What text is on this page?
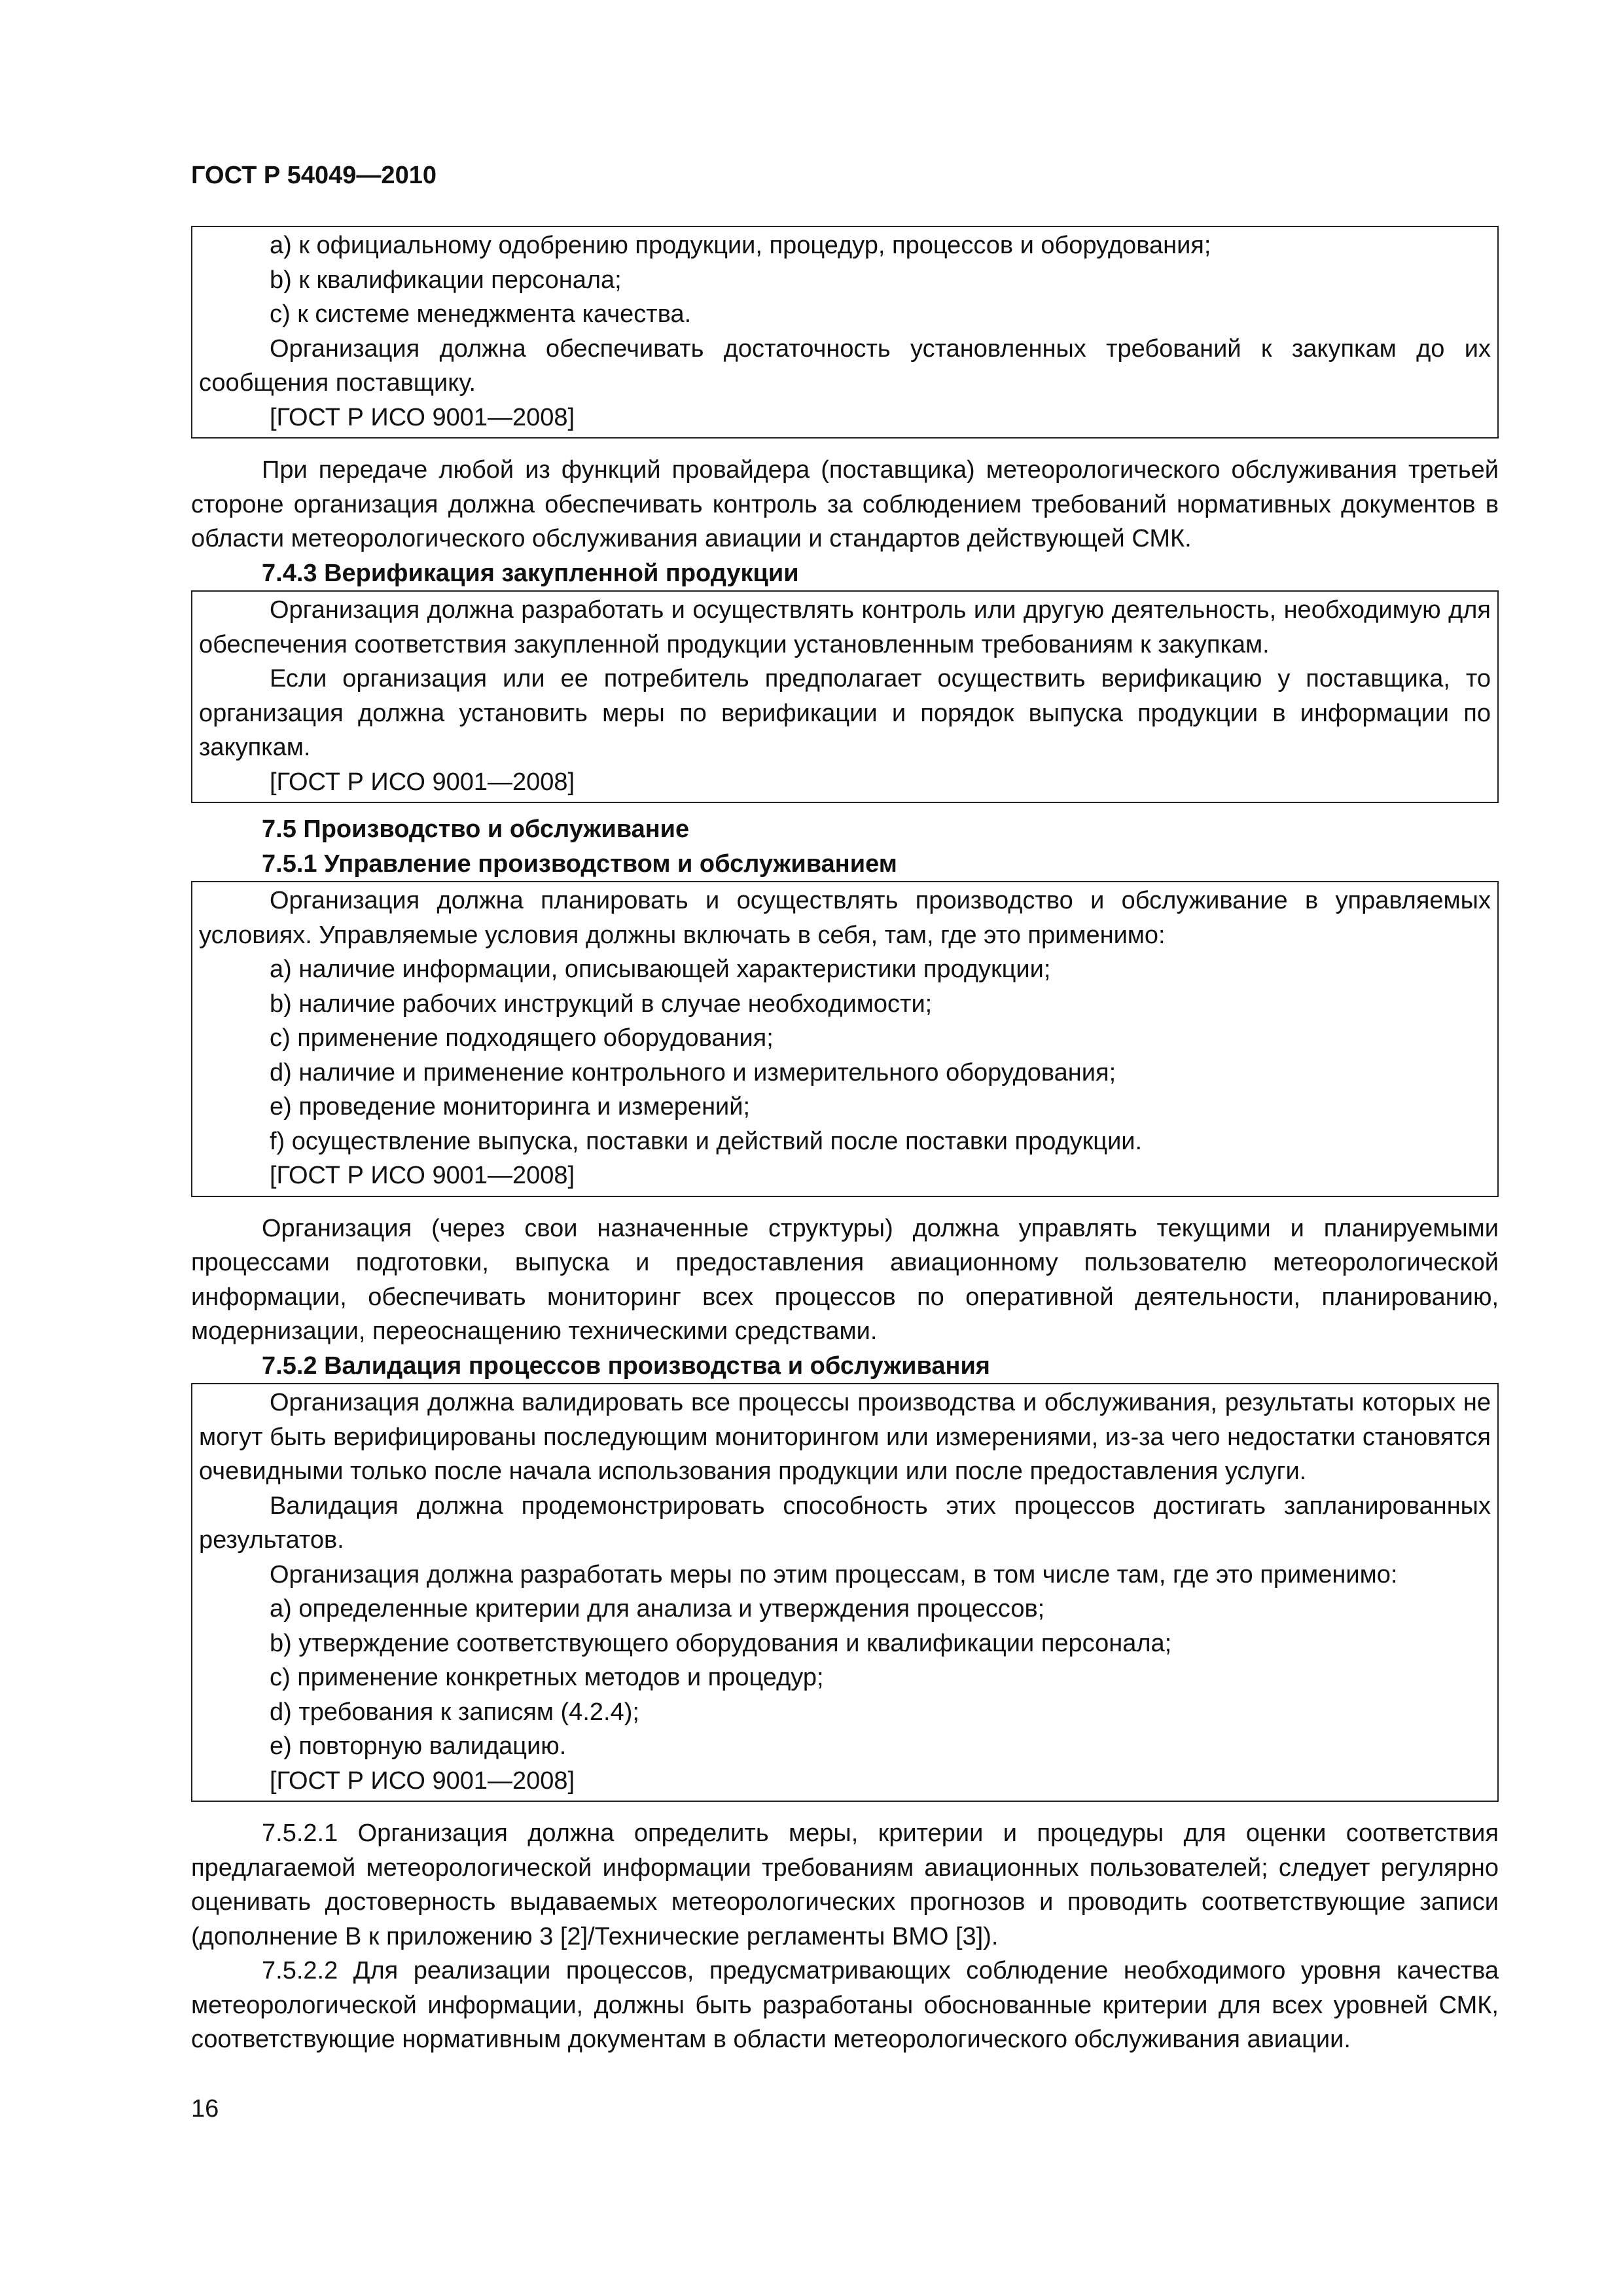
ГОСТ Р 54049—2010

а) к официальному одобрению продукции, процедур, процессов и оборудования;

b) к квалификации персонала;

с) к системе менеджмента качества.

Организация должна обеспечивать достаточность установленных требований к закупкам до их сообщения поставщику.

[ГОСТ Р ИСО 9001—2008]

При передаче любой из функций провайдера (поставщика) метеорологического обслуживания третьей стороне организация должна обеспечивать контроль за соблюдением требований нормативных документов в области метеорологического обслуживания авиации и стандартов действующей СМК.

7.4.3 Верификация закупленной продукции

Организация должна разработать и осуществлять контроль или другую деятельность, необходимую для обеспечения соответствия закупленной продукции установленным требованиям к закупкам.

Если организация или ее потребитель предполагает осуществить верификацию у поставщика, то организация должна установить меры по верификации и порядок выпуска продукции в информации по закупкам.

[ГОСТ Р ИСО 9001—2008]

7.5 Производство и обслуживание

7.5.1 Управление производством и обслуживанием

Организация должна планировать и осуществлять производство и обслуживание в управляемых условиях. Управляемые условия должны включать в себя, там, где это применимо:

а) наличие информации, описывающей характеристики продукции;

b) наличие рабочих инструкций в случае необходимости;

с) применение подходящего оборудования;

d) наличие и применение контрольного и измерительного оборудования;

е) проведение мониторинга и измерений;

f) осуществление выпуска, поставки и действий после поставки продукции.

[ГОСТ Р ИСО 9001—2008]

Организация (через свои назначенные структуры) должна управлять текущими и планируемыми процессами подготовки, выпуска и предоставления авиационному пользователю метеорологической информации, обеспечивать мониторинг всех процессов по оперативной деятельности, планированию, модернизации, переоснащению техническими средствами.

7.5.2 Валидация процессов производства и обслуживания

Организация должна валидировать все процессы производства и обслуживания, результаты которых не могут быть верифицированы последующим мониторингом или измерениями, из-за чего недостатки становятся очевидными только после начала использования продукции или после предоставления услуги.

Валидация должна продемонстрировать способность этих процессов достигать запланированных результатов.

Организация должна разработать меры по этим процессам, в том числе там, где это применимо:

а) определенные критерии для анализа и утверждения процессов;

b) утверждение соответствующего оборудования и квалификации персонала;

с) применение конкретных методов и процедур;

d) требования к записям (4.2.4);

е) повторную валидацию.

[ГОСТ Р ИСО 9001—2008]

7.5.2.1 Организация должна определить меры, критерии и процедуры для оценки соответствия предлагаемой метеорологической информации требованиям авиационных пользователей; следует регулярно оценивать достоверность выдаваемых метеорологических прогнозов и проводить соответствующие записи (дополнение В к приложению 3 [2]/Технические регламенты ВМО [3]).

7.5.2.2 Для реализации процессов, предусматривающих соблюдение необходимого уровня качества метеорологической информации, должны быть разработаны обоснованные критерии для всех уровней СМК, соответствующие нормативным документам в области метеорологического обслуживания авиации.

16
